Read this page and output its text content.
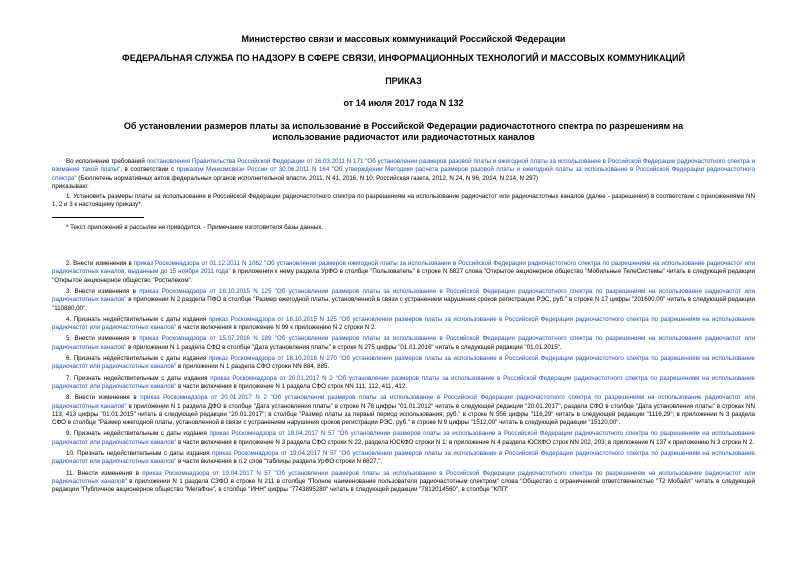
Министерство связи и массовых коммуникаций Российской Федерации
ФЕДЕРАЛЬНАЯ СЛУЖБА ПО НАДЗОРУ В СФЕРЕ СВЯЗИ, ИНФОРМАЦИОННЫХ ТЕХНОЛОГИЙ И МАССОВЫХ КОММУНИКАЦИЙ
ПРИКАЗ
от 14 июля 2017 года N 132
Об установлении размеров платы за использование в Российской Федерации радиочастотного спектра по разрешениям на использование радиочастот или радиочастотных каналов

Во исполнение требований постановления Правительства Российской Федерации от 16.03.2011 N 171 "Об установлении размеров разовой платы и ежегодной платы за использование в Российской Федерации радиочастотного спектра и взимания такой платы", в соответствии с приказом Минкомсвязи России от 30.06.2011 N 164 "Об утверждении Методики расчета размеров разовой платы и ежегодной платы за использование в Российской Федерации радиочастотного спектра" (Бюллетень нормативных актов федеральных органов исполнительной власти, 2011, N 41, 2016, N 10; Российская газета, 2012, N 24, N 96, 2014, N 214, N 297)

приказываю:

1. Установить размеры платы за использование в Российской Федерации радиочастотного спектра по разрешениям на использование радиочастот или радиочастотных каналов (далее - разрешения) в соответствии с приложениями NN 1, 2 и 3 к настоящему приказу*.

* Текст приложений в рассылке не приводится. - Примечание изготовителя базы данных.

2. Внести изменения в приказ Роскомнадзора от 01.12.2011 N 1062 "Об установлении размеров ежегодной платы за использование в Российской Федерации радиочастотного спектра по разрешениям на использование радиочастот или радиочастотных каналов, выданным до 15 ноября 2011 года" в приложении к нему раздела УрФО в столбце "Пользователь" в строке N 6827 слова "Открытое акционерное общество "Мобильные ТелеСистемы" читать в следующей редакции "Открытое акционерное общество "Ростелеком".

3. Внести изменения в приказ Роскомнадзора от 16.10.2015 N 125 "Об установлении размеров платы за использование в Российской Федерации радиочастотного спектра по разрешениям на использование радиочастот или радиочастотных каналов" в приложении N 2 раздела ПФО в столбце "Размер ежегодной платы, установленной в связи с устранением нарушения сроков регистрации РЭС, руб." в строке N 17 цифры "201600,00" читать в следующей редакции "110880,00".

4. Признать недействительным с даты издания приказ Роскомнадзора от 16.10.2015 N 125 "Об установлении размеров платы за использование в Российской Федерации радиочастотного спектра по разрешениям на использование радиочастот или радиочастотных каналов" в части включения в приложение N 99 к приложению N 2 строки N 2.

5. Внести изменения в приказ Роскомнадзора от 15.07.2016 N 189 "Об установлении размеров платы за использование в Российской Федерации радиочастотного спектра по разрешениям на использование радиочастот или радиочастотных каналов" в приложении N 1 раздела СФО в столбце "Дата установления платы" в строке N 275 цифры "01.01.2016" читать в следующей редакции "01.01.2015".

6. Признать недействительным с даты издания приказ Роскомнадзора от 18.10.2016 N 270 "Об установлении размеров платы за использование в Российской Федерации радиочастотного спектра по разрешениям на использование радиочастот или радиочастотных каналов" в приложении N 1 раздела СФО строки NN 884, 885.

7. Признать недействительным с даты издания приказ Роскомнадзора от 20.01.2017 N 2 "Об установлении размеров платы за использование в Российской Федерации радиочастотного спектра по разрешениям на использование радиочастот или радиочастотных каналов" в части включения в приложение N 1 раздела СФО строк NN 111, 112, 411, 412.

8. Внести изменения в приказ Роскомнадзора от 20.01.2017 N 2 "Об установлении размеров платы за использование в Российской Федерации радиочастотного спектра по разрешениям на использование радиочастот или радиочастотных каналов" в приложении N 1 раздела ДФО в столбце "Дата установления платы" в строке N 78 цифры "01.01.2012" читать в следующей редакции "20.01.2017", раздела СФО в столбце "Дата установления платы" в строках NN 113, 413 цифры "01.01.2015" читать в следующей редакции "20.01.2017"; в столбце "Размер платы за первый период использования, руб." в строке N 556 цифры "116,29" читать в следующей редакции "1116,29"; в приложении N 3 раздела СФО в столбце "Размер ежегодной платы, установленной в связи с устранением нарушения сроков регистрации РЭС, руб." в строке N 9 цифры "1512,00" читать в следующей редакции "15120,00".

9. Признать недействительным с даты издания приказ Роскомнадзора от 19.04.2017 N 57 "Об установлении размеров платы за использование в Российской Федерации радиочастотного спектра по разрешениям на использование радиочастот или радиочастотных каналов" в части включения в приложение N 3 раздела СФО строки N 22, раздела ЮСКФО строки N 1; в приложение N 4 раздела ЮСКФО строк NN 202, 203; в приложение N 137 к приложению N 3 строки N 2.

10. Признать недействительным с даты издания приказ Роскомнадзора от 19.04.2017 N 57 "Об установлении размеров платы за использование в Российской Федерации радиочастотного спектра по разрешениям на использование радиочастот или радиочастотных каналов" в части включения в п.2 слов "таблицы раздела УрФО строки N 6827,".

11. Внести изменения в приказ Роскомнадзора от 19.04.2017 N 57 "Об установлении размеров платы за использование в Российской Федерации радиочастотного спектра по разрешениям на использование радиочастот или радиочастотных каналов" в приложении N 1 раздела СЗФО в строке N 211 в столбце "Полное наименование пользователя радиочастотным спектром" слова "Общество с ограниченной ответственностью "Т2 Мобайл" читать в следующей редакции "Публичное акционерное общество "МегаФон", в столбце "ИНН" цифры "7743895280" читать в следующей редакции "7812014560", в столбце "КПП"
